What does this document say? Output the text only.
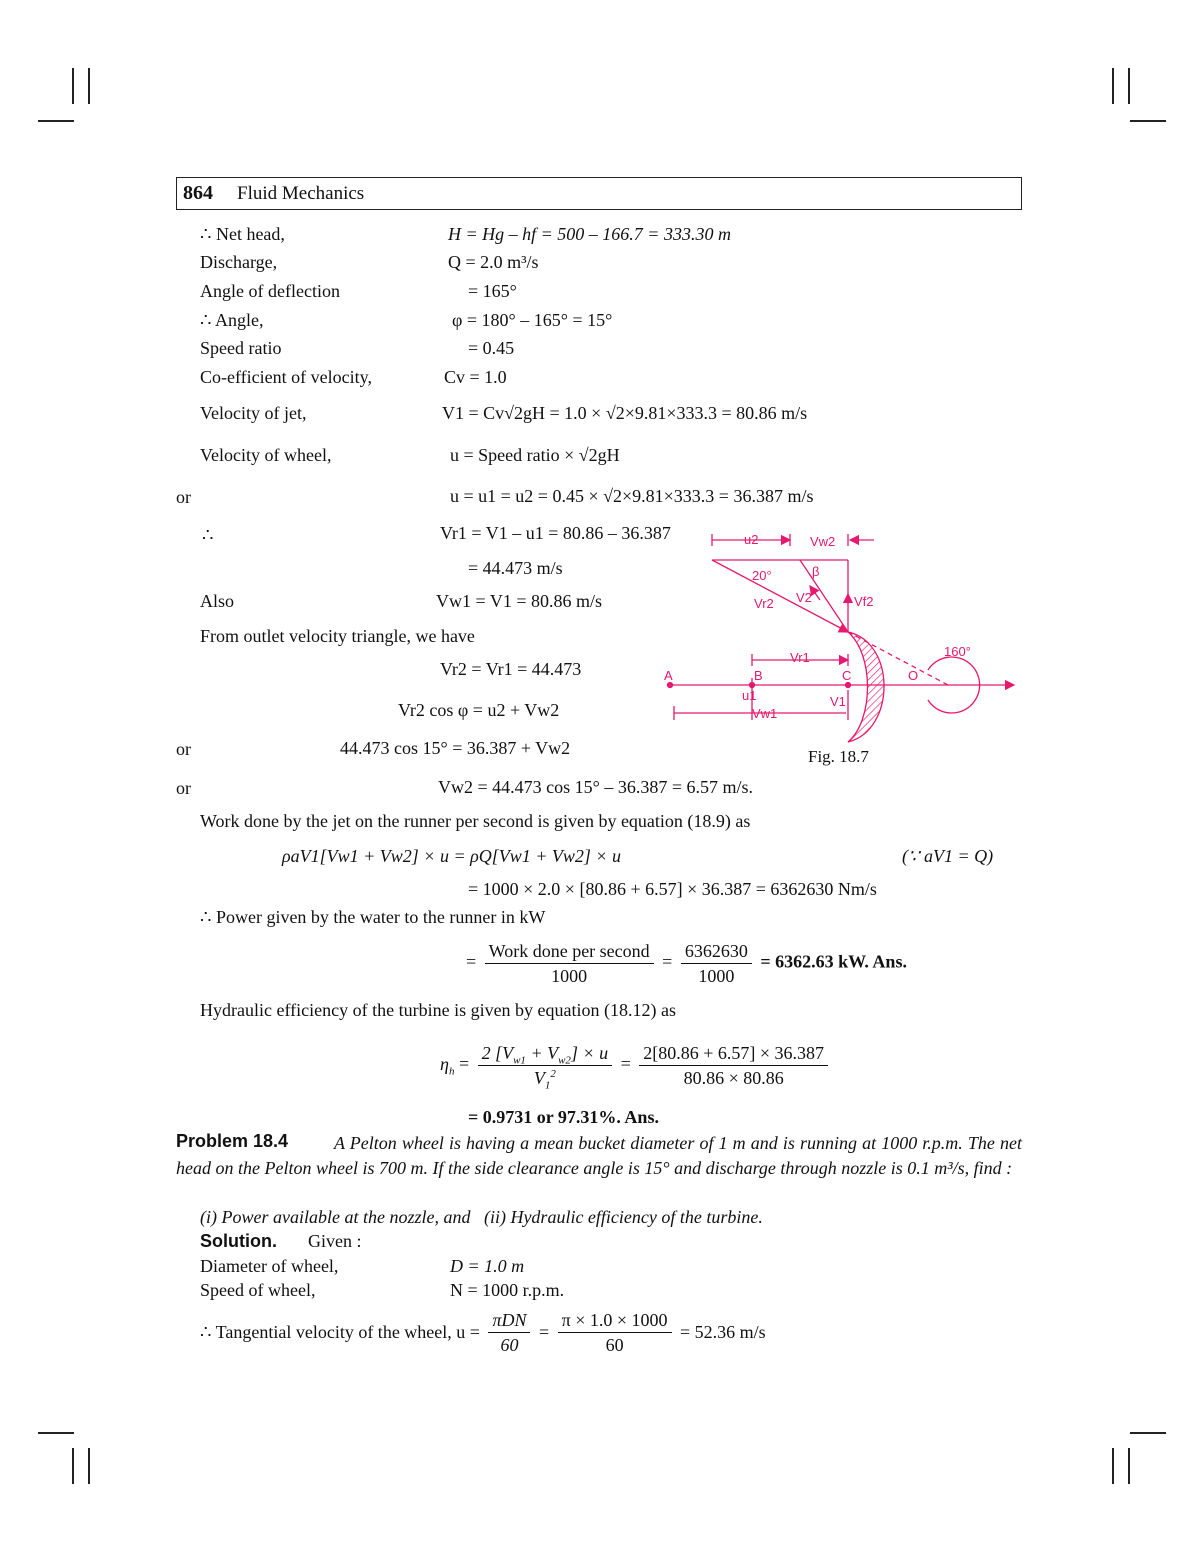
864 Fluid Mechanics
∴ Net head,	H = Hg – hf = 500 – 166.7 = 333.30 m
Discharge,	Q = 2.0 m³/s
Angle of deflection	= 165°
∴ Angle,	φ = 180° – 165° = 15°
Speed ratio	= 0.45
Co-efficient of velocity,	Cv = 1.0
Velocity of jet,	V1 = Cv√2gH = 1.0 × √2×9.81×333.3 = 80.86 m/s
Velocity of wheel,	u = Speed ratio × √2gH
or	u = u1 = u2 = 0.45 × √2×9.81×333.3 = 36.387 m/s
∴	Vr1 = V1 – u1 = 80.86 – 36.387
= 44.473 m/s
Also	Vw1 = V1 = 80.86 m/s
From outlet velocity triangle, we have
Vr2 = Vr1 = 44.473
Vr2 cos φ = u2 + Vw2
or	44.473 cos 15° = 36.387 + Vw2
or	Vw2 = 44.473 cos 15° – 36.387 = 6.57 m/s.
Work done by the jet on the runner per second is given by equation (18.9) as
ρaV1[Vw1 + Vw2] × u = ρQ[Vw1 + Vw2] × u	(∵ aV1 = Q)
= 1000 × 2.0 × [80.86 + 6.57] × 36.387 = 6362630 Nm/s
∴ Power given by the water to the runner in kW
= $\frac{\text{Work done per second}}{1000} = \frac{6362630}{1000} = 6362.63$ kW. Ans.
Hydraulic efficiency of the turbine is given by equation (18.12) as
$\eta_h = \frac{2 [V_{w1} + V_{w2}] \times u}{V_1^2} = \frac{2[80.86 + 6.57] \times 36.387}{80.86 \times 80.86}$
= 0.9731 or 97.31%. Ans.
u2	Vw2
20°	β
Vr2 V2	Vf2
A	B	C	O
160°
Vr1
u1	V1
Vw1
Fig. 18.7
Problem 18.4	A Pelton wheel is having a mean bucket diameter of 1 m and is running at 1000 r.p.m. The net head on the Pelton wheel is 700 m. If the side clearance angle is 15° and discharge through nozzle is 0.1 m³/s, find :
(i) Power available at the nozzle, and   (ii) Hydraulic efficiency of the turbine.
Solution. Given :
Diameter of wheel,	D = 1.0 m
Speed of wheel,	N = 1000 r.p.m.
∴ Tangential velocity of the wheel, $u = \frac{\text{πDN}}{60} = \frac{\pi \times 1.0 \times 1000}{60} = 52.36$ m/s
